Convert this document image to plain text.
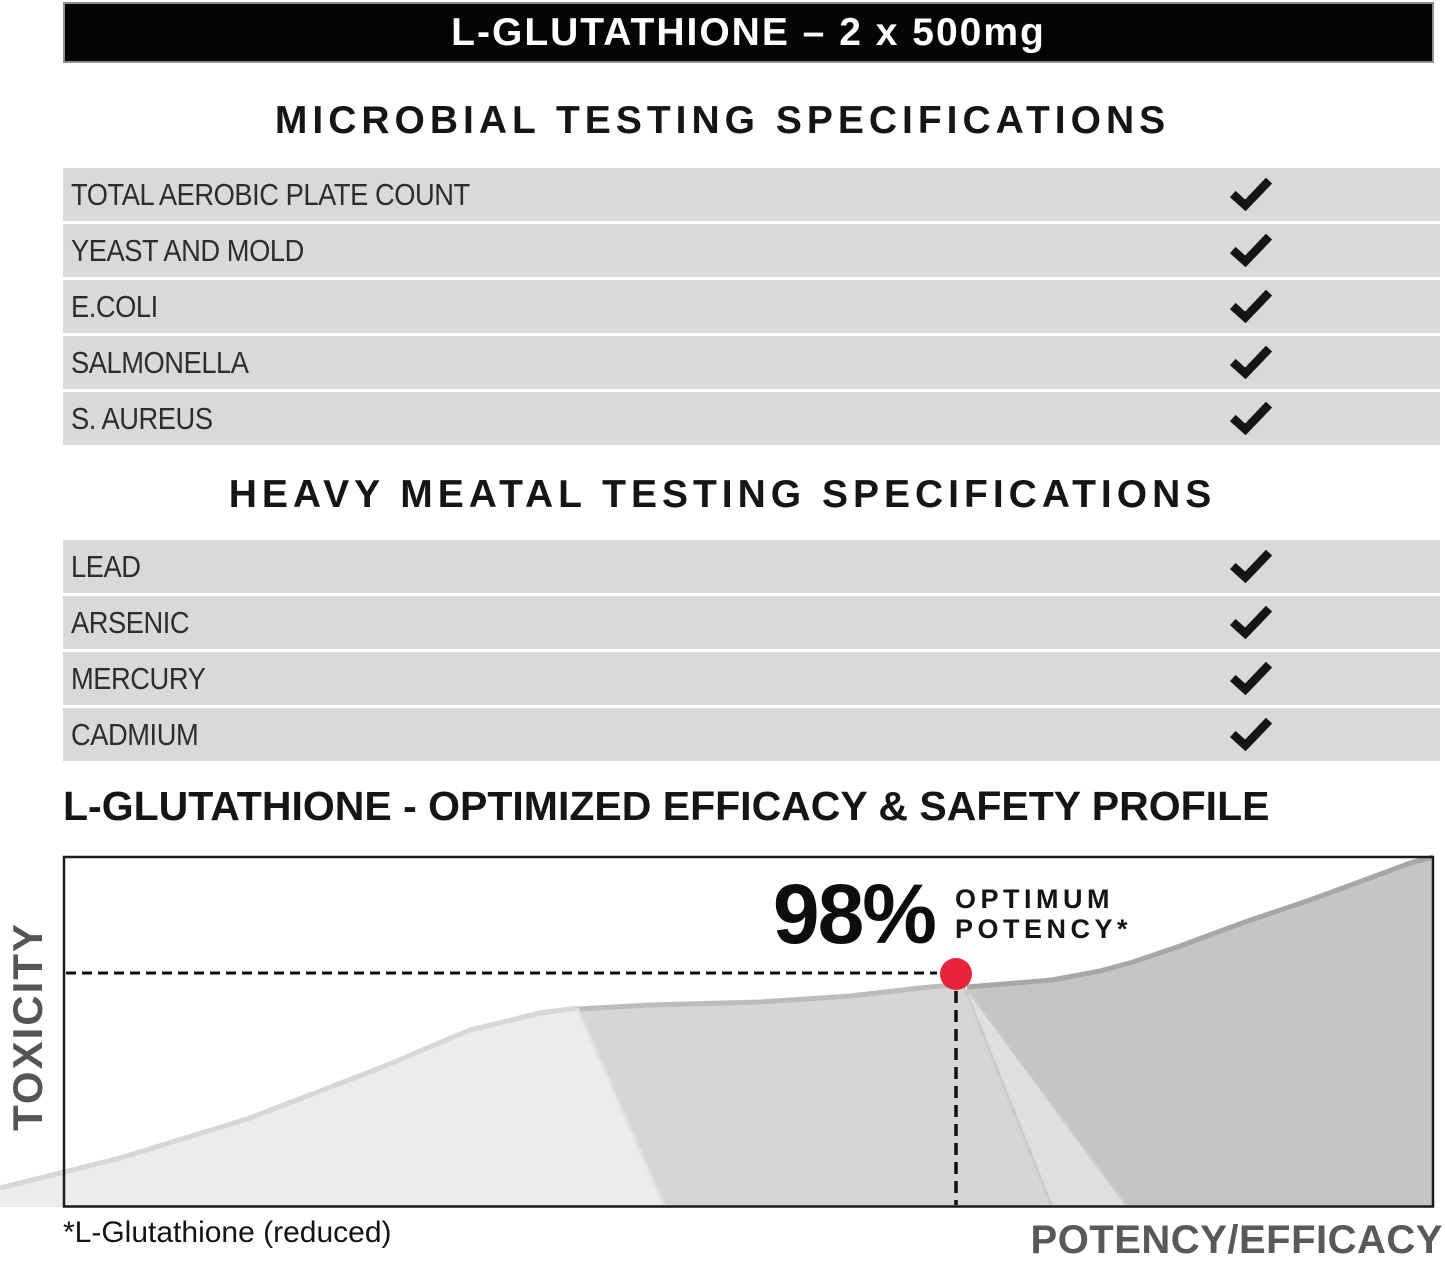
L-GLUTATHIONE – 2 x 500mg
MICROBIAL TESTING SPECIFICATIONS
TOTAL AEROBIC PLATE COUNT
YEAST AND MOLD
E.COLI
SALMONELLA
S. AUREUS
HEAVY MEATAL TESTING SPECIFICATIONS
LEAD
ARSENIC
MERCURY
CADMIUM
L-GLUTATHIONE - OPTIMIZED EFFICACY & SAFETY PROFILE
98% OPTIMUM
POTENCY*
TOXICITY
*L-Glutathione (reduced)	POTENCY/EFFICACY
